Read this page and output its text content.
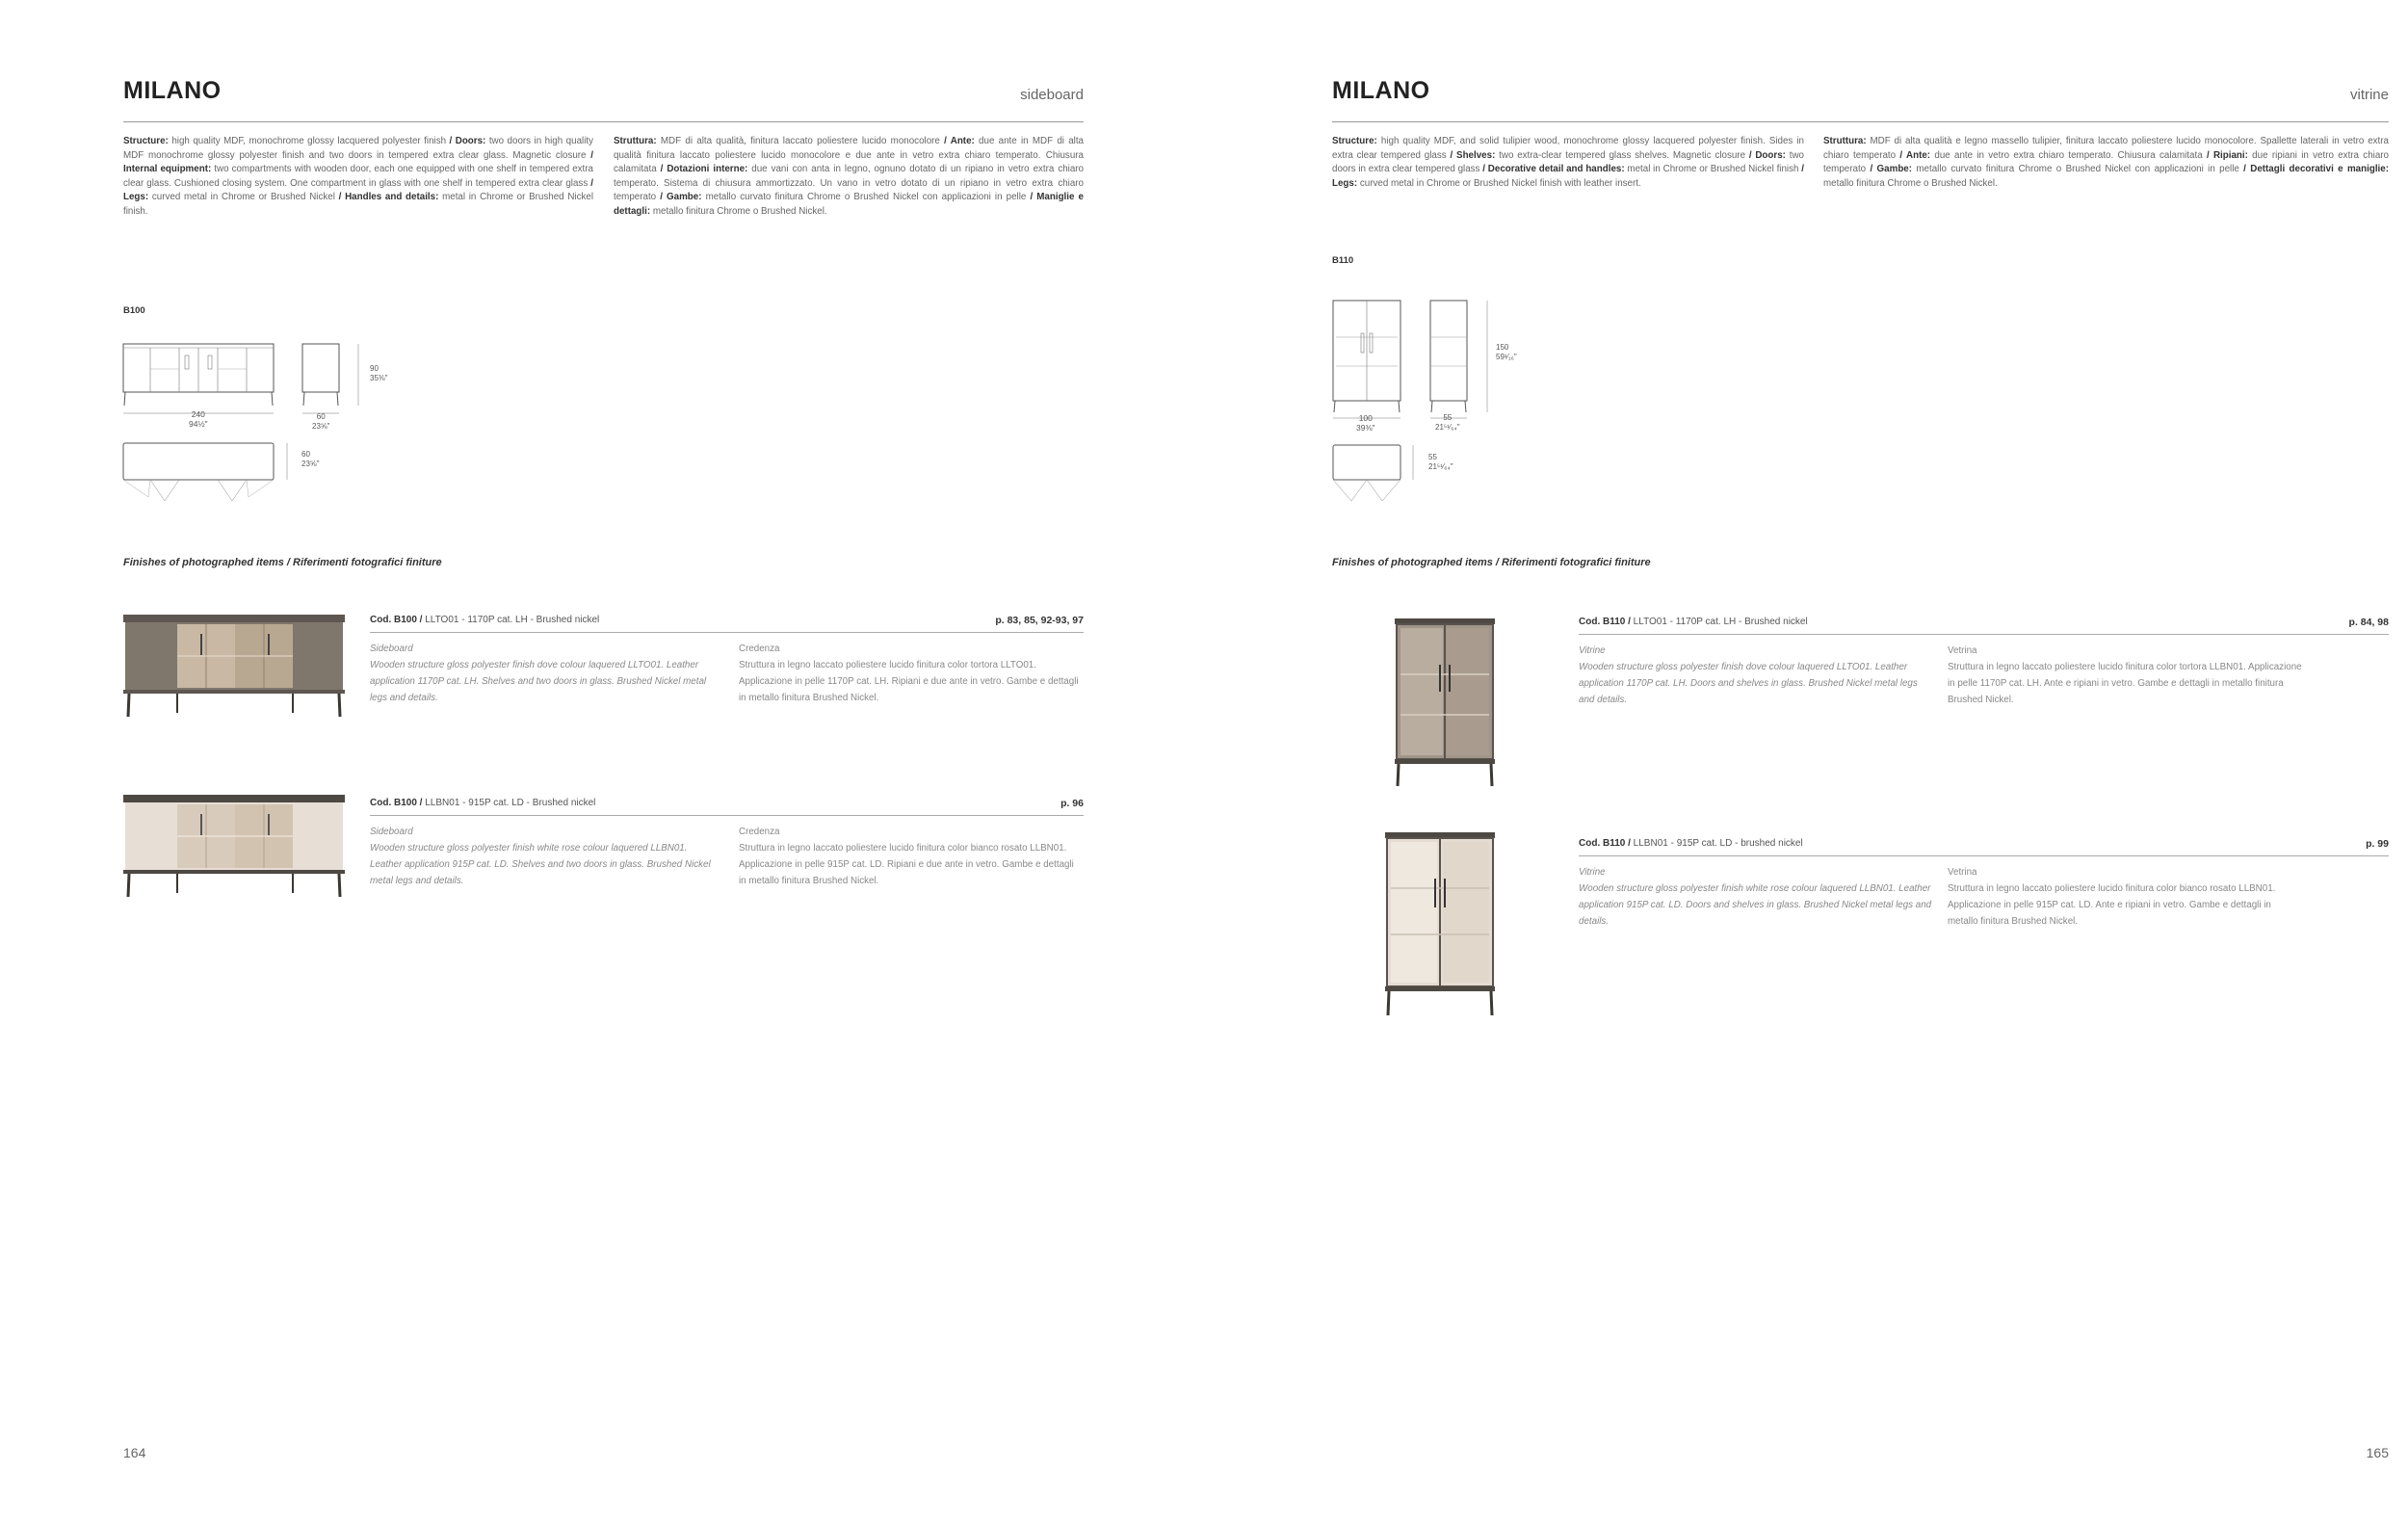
MILANO	sideboard
Structure: high quality MDF, monochrome glossy lacquered polyester finish / Doors: two doors in high quality MDF monochrome glossy polyester finish and two doors in tempered extra clear glass. Magnetic closure / Internal equipment: two compartments with wooden door, each one equipped with one shelf in tempered extra clear glass. Cushioned closing system. One compartment in glass with one shelf in tempered extra clear glass / Legs: curved metal in Chrome or Brushed Nickel / Handles and details: metal in Chrome or Brushed Nickel finish.
Struttura: MDF di alta qualità, finitura laccato poliestere lucido monocolore / Ante: due ante in MDF di alta qualità finitura laccato poliestere lucido monocolore e due ante in vetro extra chiaro temperato. Chiusura calamitata / Dotazioni interne: due vani con anta in legno, ognuno dotato di un ripiano in vetro extra chiaro temperato. Sistema di chiusura ammortizzato. Un vano in vetro dotato di un ripiano in vetro extra chiaro temperato / Gambe: metallo curvato finitura Chrome o Brushed Nickel con applicazioni in pelle / Maniglie e dettagli: metallo finitura Chrome o Brushed Nickel.
B100
240
94½"
90
35⅜"
60
23⅝"
60
23⅝"
Finishes of photographed items / Riferimenti fotografici finiture
Cod. B100 / LLTO01 - 1170P cat. LH - Brushed nickel	p. 83, 85, 92-93, 97
Sideboard
Wooden structure gloss polyester finish dove colour laquered LLTO01. Leather application 1170P cat. LH. Shelves and two doors in glass. Brushed Nickel metal legs and details.
Credenza
Struttura in legno laccato poliestere lucido finitura color tortora LLTO01. Applicazione in pelle 1170P cat. LH. Ripiani e due ante in vetro. Gambe e dettagli in metallo finitura Brushed Nickel.
Cod. B100 / LLBN01 - 915P cat. LD - Brushed nickel	p. 96
Sideboard
Wooden structure gloss polyester finish white rose colour laquered LLBN01. Leather application 915P cat. LD. Shelves and two doors in glass. Brushed Nickel metal legs and details.
Credenza
Struttura in legno laccato poliestere lucido finitura color bianco rosato LLBN01. Applicazione in pelle 915P cat. LD. Ripiani e due ante in vetro. Gambe e dettagli in metallo finitura Brushed Nickel.
164
MILANO	vitrine
Structure: high quality MDF, and solid tulipier wood, monochrome glossy lacquered polyester finish. Sides in extra clear tempered glass / Shelves: two extra-clear tempered glass shelves. Magnetic closure / Doors: two doors in extra clear tempered glass / Decorative detail and handles: metal in Chrome or Brushed Nickel finish / Legs: curved metal in Chrome or Brushed Nickel finish with leather insert.
Struttura: MDF di alta qualità e legno massello tulipier, finitura laccato poliestere lucido monocolore. Spallette laterali in vetro extra chiaro temperato / Ante: due ante in vetro extra chiaro temperato. Chiusura calamitata / Ripiani: due ripiani in vetro extra chiaro temperato / Gambe: metallo curvato finitura Chrome o Brushed Nickel con applicazioni in pelle / Dettagli decorativi e maniglie: metallo finitura Chrome o Brushed Nickel.
B110
100
39⅜"
150
59¹⁄₁₆"
55
21⁵¹⁄₆₄"
55
21⁵¹⁄₆₄"
Finishes of photographed items / Riferimenti fotografici finiture
Cod. B110 / LLTO01 - 1170P cat. LH - Brushed nickel	p. 84, 98
Vitrine
Wooden structure gloss polyester finish dove colour laquered LLTO01. Leather application 1170P cat. LH. Doors and shelves in glass. Brushed Nickel metal legs and details.
Vetrina
Struttura in legno laccato poliestere lucido finitura color tortora LLBN01. Applicazione in pelle 1170P cat. LH. Ante e ripiani in vetro. Gambe e dettagli in metallo finitura Brushed Nickel.
Cod. B110 / LLBN01 - 915P cat. LD - brushed nickel	p. 99
Vitrine
Wooden structure gloss polyester finish white rose colour laquered LLBN01. Leather application 915P cat. LD. Doors and shelves in glass. Brushed Nickel metal legs and details.
Vetrina
Struttura in legno laccato poliestere lucido finitura color bianco rosato LLBN01. Applicazione in pelle 915P cat. LD. Ante e ripiani in vetro. Gambe e dettagli in metallo finitura Brushed Nickel.
165
